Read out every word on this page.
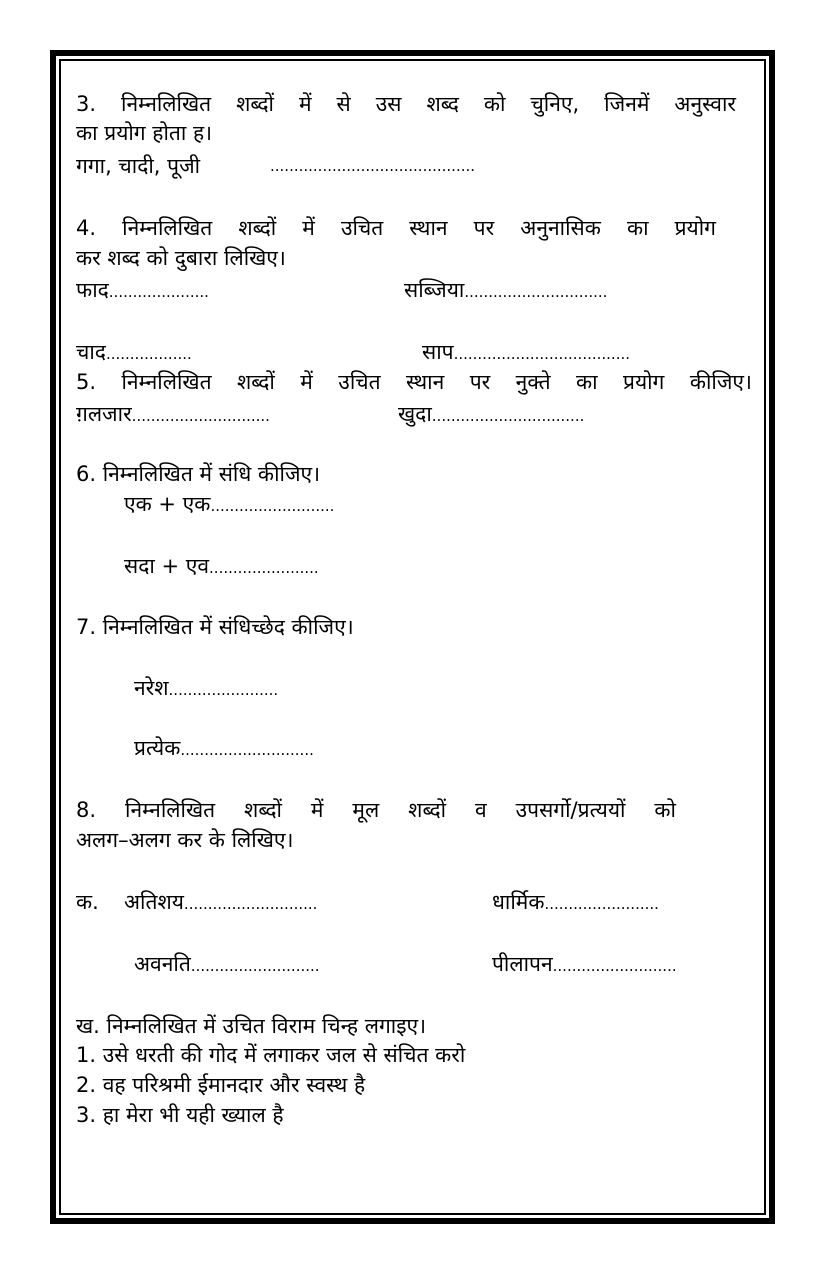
3. निम्नलिखित शब्दों में से उस शब्द को चुनिए, जिनमें अनुस्वार
का प्रयोग होता ह।
गगा, चादी, पूजी	...........................................
4. निम्नलिखित शब्दों में उचित स्थान पर अनुनासिक का प्रयोग
कर शब्द को दुबारा लिखिए।
फाद.....................	सब्जिया..............................
चाद..................	साप.....................................
5. निम्नलिखित शब्दों में उचित स्थान पर नुक्ते का प्रयोग कीजिए।
ग़लजार.............................	खुदा................................
6. निम्नलिखित में संधि कीजिए।
एक + एक..........................
सदा + एव.......................
7. निम्नलिखित में संधिच्छेद कीजिए।
नरेश.......................
प्रत्येक............................
8. निम्नलिखित शब्दों में मूल शब्दों व उपसर्गो/प्रत्ययों को
अलग–अलग कर के लिखिए।
क. अतिशय............................	धार्मिक........................
अवनति...........................	पीलापन..........................
ख. निम्नलिखित में उचित विराम चिन्ह लगाइए।
1. उसे धरती की गोद में लगाकर जल से संचित करो
2. वह परिश्रमी ईमानदार और स्वस्थ है
3. हा मेरा भी यही ख्याल है
